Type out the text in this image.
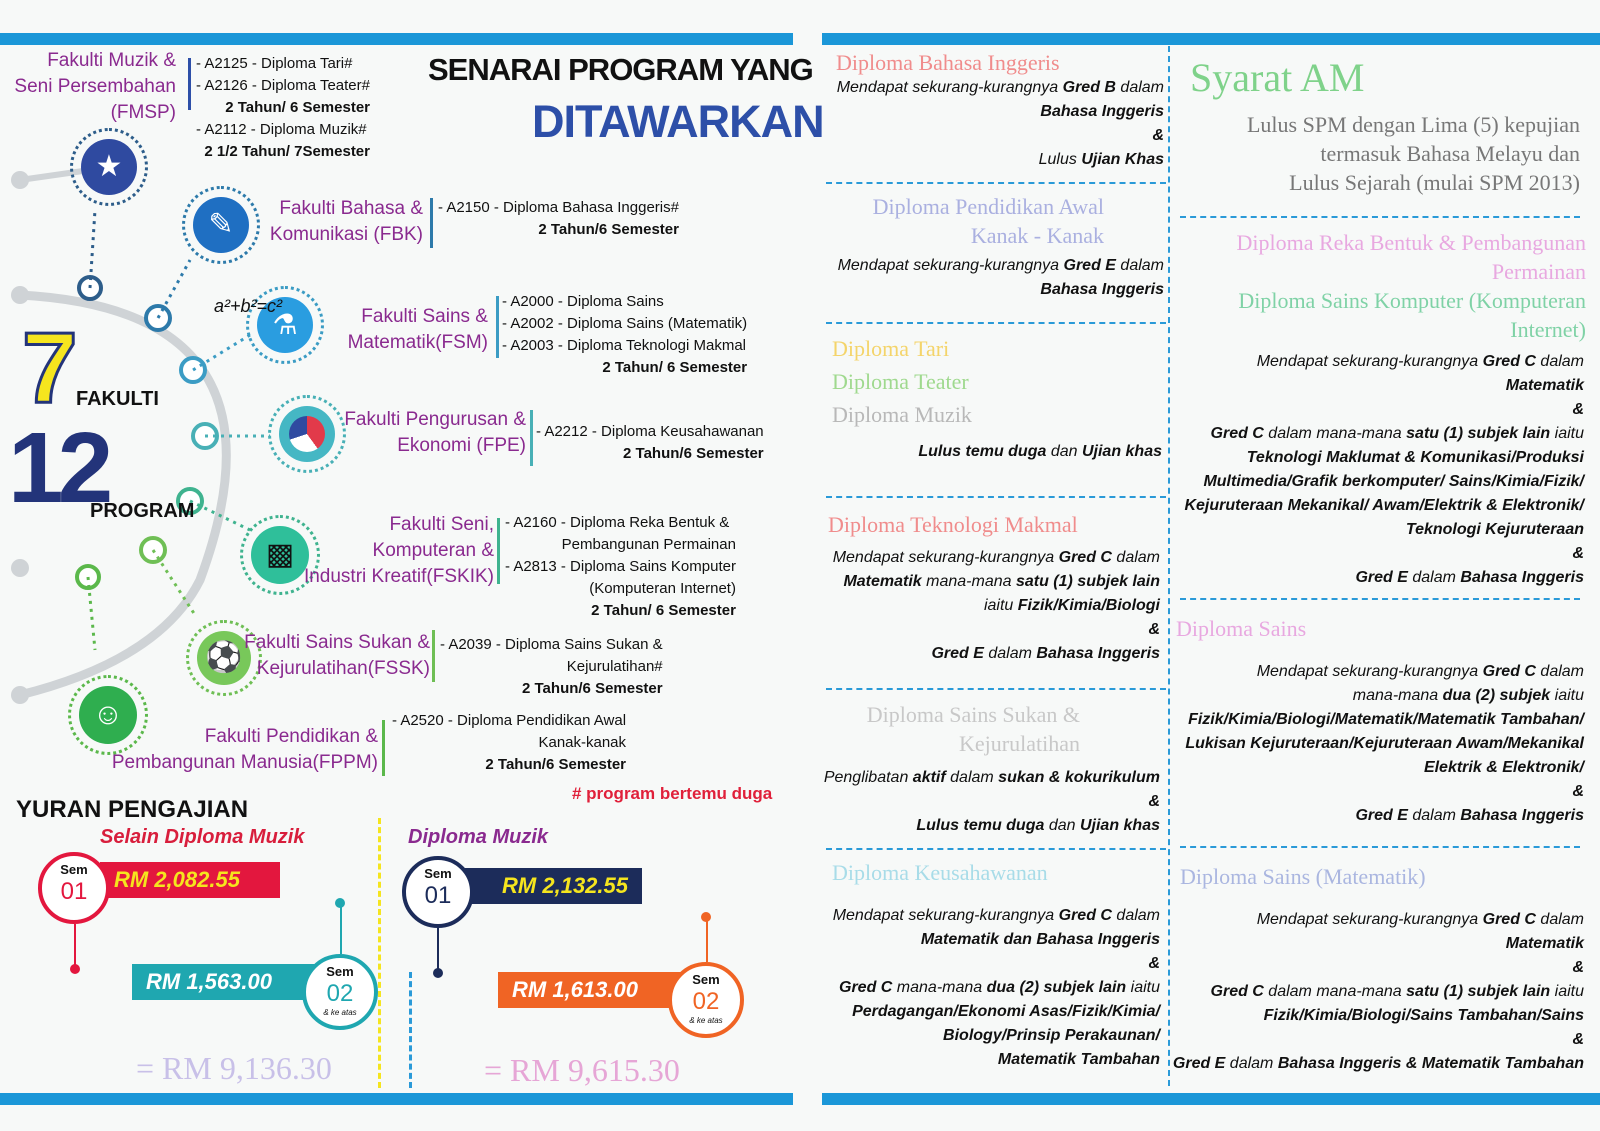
★
✎
⚗
a²+b²=c²
▩
⚽
☺
7
FAKULTI
12
PROGRAM
SENARAI PROGRAM YANG
DITAWARKAN
Fakulti Muzik &
Seni Persembahan
(FMSP)
- A2125 - Diploma Tari#
- A2126 - Diploma Teater#
2 Tahun/ 6 Semester
- A2112 - Diploma Muzik#
2 1/2 Tahun/ 7Semester
Fakulti Bahasa &
Komunikasi (FBK)
- A2150 - Diploma Bahasa Inggeris#
2 Tahun/6 Semester
Fakulti Sains &
Matematik(FSM)
- A2000 - Diploma Sains
- A2002 - Diploma Sains (Matematik)
- A2003 - Diploma Teknologi Makmal
2 Tahun/ 6 Semester
Fakulti Pengurusan &
Ekonomi (FPE)
- A2212 - Diploma Keusahawanan
2 Tahun/6 Semester
Fakulti Seni,
Komputeran &
Industri Kreatif(FSKIK)
- A2160 - Diploma Reka Bentuk &
Pembangunan Permainan
- A2813 - Diploma Sains Komputer
(Komputeran Internet)
2 Tahun/ 6 Semester
Fakulti Sains Sukan &
Kejurulatihan(FSSK)
- A2039 - Diploma Sains Sukan &
Kejurulatihan#
2 Tahun/6 Semester
Fakulti Pendidikan &
Pembangunan Manusia(FPPM)
- A2520 - Diploma Pendidikan Awal
Kanak-kanak
2 Tahun/6 Semester
# program bertemu duga
YURAN PENGAJIAN
Selain Diploma Muzik	Diploma Muzik
RM 2,082.55
Sem
01
RM 1,563.00	Sem
02
& ke atas
= RM 9,136.30
RM 2,132.55
Sem
01
RM 1,613.00	Sem
02
& ke atas
= RM 9,615.30
Syarat AM
Lulus SPM dengan Lima (5) kepujian
termasuk Bahasa Melayu dan
Lulus Sejarah (mulai SPM 2013)
Diploma Bahasa Inggeris
Mendapat sekurang-kurangnya Gred B dalam
Bahasa Inggeris
&
Lulus Ujian Khas
Diploma Pendidikan Awal
Kanak - Kanak
Mendapat sekurang-kurangnya Gred E dalam
Bahasa Inggeris
Diploma Tari
Diploma Teater
Diploma Muzik
Lulus temu duga dan Ujian khas
Diploma Teknologi Makmal
Mendapat sekurang-kurangnya Gred C dalam
Matematik mana-mana satu (1) subjek lain
iaitu Fizik/Kimia/Biologi
&
Gred E dalam Bahasa Inggeris
Diploma Sains Sukan &
Kejurulatihan
Penglibatan aktif dalam sukan & kokurikulum
&
Lulus temu duga dan Ujian khas
Diploma Keusahawanan
Mendapat sekurang-kurangnya Gred C dalam
Matematik dan Bahasa Inggeris
&
Gred C mana-mana dua (2) subjek lain iaitu
Perdagangan/Ekonomi Asas/Fizik/Kimia/
Biology/Prinsip Perakaunan/
Matematik Tambahan
Diploma Reka Bentuk & Pembangunan
Permainan
Diploma Sains Komputer (Komputeran
Internet)
Mendapat sekurang-kurangnya Gred C dalam
Matematik
&
Gred C dalam mana-mana satu (1) subjek lain iaitu
Teknologi Maklumat & Komunikasi/Produksi
Multimedia/Grafik berkomputer/ Sains/Kimia/Fizik/
Kejuruteraan Mekanikal/ Awam/Elektrik & Elektronik/
Teknologi Kejuruteraan
&
Gred E dalam Bahasa Inggeris
Diploma Sains
Mendapat sekurang-kurangnya Gred C dalam
mana-mana dua (2) subjek iaitu
Fizik/Kimia/Biologi/Matematik/Matematik Tambahan/
Lukisan Kejuruteraan/Kejuruteraan Awam/Mekanikal
Elektrik & Elektronik/
&
Gred E dalam Bahasa Inggeris
Diploma Sains (Matematik)
Mendapat sekurang-kurangnya Gred C dalam
Matematik
&
Gred C dalam mana-mana satu (1) subjek lain iaitu
Fizik/Kimia/Biologi/Sains Tambahan/Sains
&
Gred E dalam Bahasa Inggeris & Matematik Tambahan
